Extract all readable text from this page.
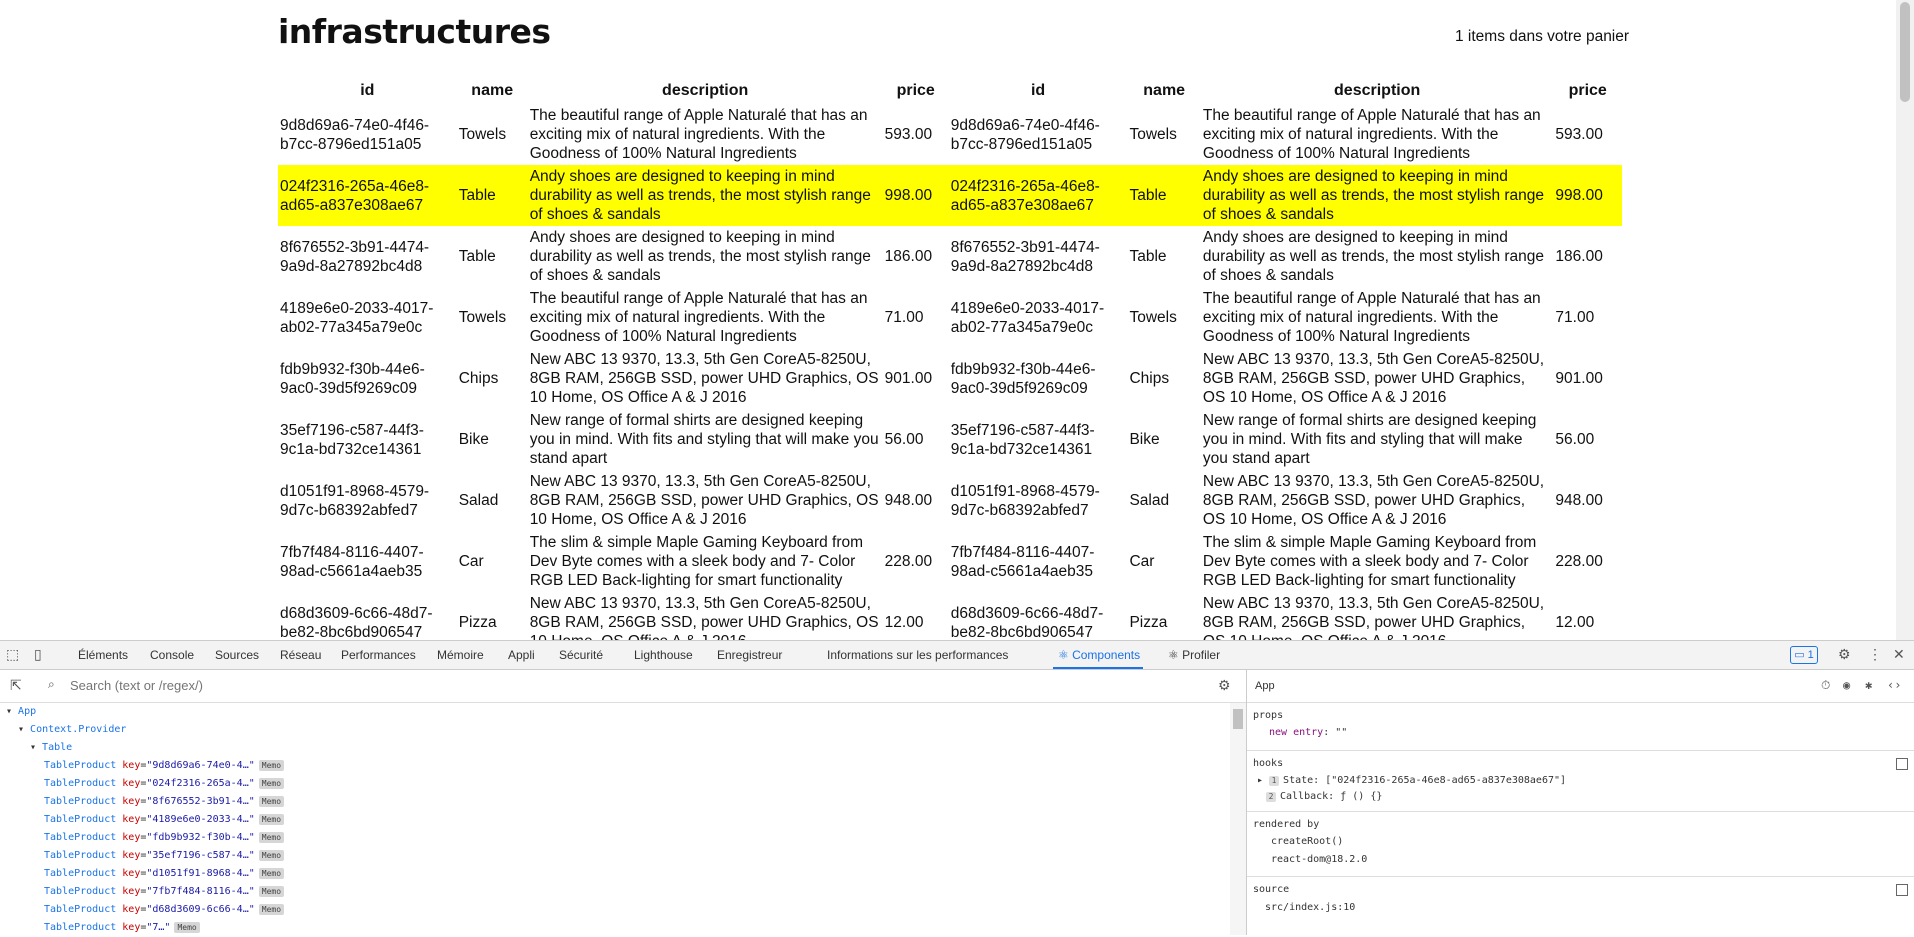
infrastructures	1 items dans votre panier
id	name	description	price	id	name	description	price
9d8d69a6-74e0-4f46-b7cc-8796ed151a05	Towels	The beautiful range of Apple Naturalé that has an exciting mix of natural ingredients. With the Goodness of 100% Natural Ingredients	593.00	9d8d69a6-74e0-4f46-b7cc-8796ed151a05	Towels	The beautiful range of Apple Naturalé that has an exciting mix of natural ingredients. With the Goodness of 100% Natural Ingredients	593.00
024f2316-265a-46e8-ad65-a837e308ae67	Table	Andy shoes are designed to keeping in mind durability as well as trends, the most stylish range of shoes & sandals	998.00	024f2316-265a-46e8-ad65-a837e308ae67	Table	Andy shoes are designed to keeping in mind durability as well as trends, the most stylish range of shoes & sandals	998.00
8f676552-3b91-4474-9a9d-8a27892bc4d8	Table	Andy shoes are designed to keeping in mind durability as well as trends, the most stylish range of shoes & sandals	186.00	8f676552-3b91-4474-9a9d-8a27892bc4d8	Table	Andy shoes are designed to keeping in mind durability as well as trends, the most stylish range of shoes & sandals	186.00
4189e6e0-2033-4017-ab02-77a345a79e0c	Towels	The beautiful range of Apple Naturalé that has an exciting mix of natural ingredients. With the Goodness of 100% Natural Ingredients	71.00	4189e6e0-2033-4017-ab02-77a345a79e0c	Towels	The beautiful range of Apple Naturalé that has an exciting mix of natural ingredients. With the Goodness of 100% Natural Ingredients	71.00
fdb9b932-f30b-44e6-9ac0-39d5f9269c09	Chips	New ABC 13 9370, 13.3, 5th Gen CoreA5-8250U, 8GB RAM, 256GB SSD, power UHD Graphics, OS 10 Home, OS Office A & J 2016	901.00	fdb9b932-f30b-44e6-9ac0-39d5f9269c09	Chips	New ABC 13 9370, 13.3, 5th Gen CoreA5-8250U, 8GB RAM, 256GB SSD, power UHD Graphics, OS 10 Home, OS Office A & J 2016	901.00
35ef7196-c587-44f3-9c1a-bd732ce14361	Bike	New range of formal shirts are designed keeping you in mind. With fits and styling that will make you stand apart	56.00	35ef7196-c587-44f3-9c1a-bd732ce14361	Bike	New range of formal shirts are designed keeping you in mind. With fits and styling that will make you stand apart	56.00
d1051f91-8968-4579-9d7c-b68392abfed7	Salad	New ABC 13 9370, 13.3, 5th Gen CoreA5-8250U, 8GB RAM, 256GB SSD, power UHD Graphics, OS 10 Home, OS Office A & J 2016	948.00	d1051f91-8968-4579-9d7c-b68392abfed7	Salad	New ABC 13 9370, 13.3, 5th Gen CoreA5-8250U, 8GB RAM, 256GB SSD, power UHD Graphics, OS 10 Home, OS Office A & J 2016	948.00
7fb7f484-8116-4407-98ad-c5661a4aeb35	Car	The slim & simple Maple Gaming Keyboard from Dev Byte comes with a sleek body and 7- Color RGB LED Back-lighting for smart functionality	228.00	7fb7f484-8116-4407-98ad-c5661a4aeb35	Car	The slim & simple Maple Gaming Keyboard from Dev Byte comes with a sleek body and 7- Color RGB LED Back-lighting for smart functionality	228.00
d68d3609-6c66-48d7-be82-8bc6bd906547	Pizza	New ABC 13 9370, 13.3, 5th Gen CoreA5-8250U, 8GB RAM, 256GB SSD, power UHD Graphics, OS	12.00	d68d3609-6c66-48d7-be82-8bc6bd906547	Pizza	New ABC 13 9370, 13.3, 5th Gen CoreA5-8250U, 8GB RAM, 256GB SSD, power UHD Graphics,	12.00
⬚ ▯	Éléments Console Sources Réseau Performances Mémoire Appli Sécurité	Lighthouse Enregistreur	Informations sur les performances	⚛ Components ⚛ Profiler	▭ 1	⚙ ⋮ ✕
⇱ ⌕
Search (text or /regex/)	⚙
▾ App
▾ Context.Provider
▾ Table
TableProduct key="9d8d69a6-74e0-4…" Memo
TableProduct key="024f2316-265a-4…" Memo
TableProduct key="8f676552-3b91-4…" Memo
TableProduct key="4189e6e0-2033-4…" Memo
TableProduct key="fdb9b932-f30b-4…" Memo
TableProduct key="35ef7196-c587-4…" Memo
TableProduct key="d1051f91-8968-4…" Memo
TableProduct key="7fb7f484-8116-4…" Memo
TableProduct key="d68d3609-6c66-4…" Memo
TableProduct key="7…" Memo
App	⏱ ◉ ✱ ‹›
props
new entry: ""
hooks
▸ 1 State: ["024f2316-265a-46e8-ad65-a837e308ae67"]
2 Callback: ƒ () {}
rendered by
createRoot()
react-dom@18.2.0
source
src/index.js:10
